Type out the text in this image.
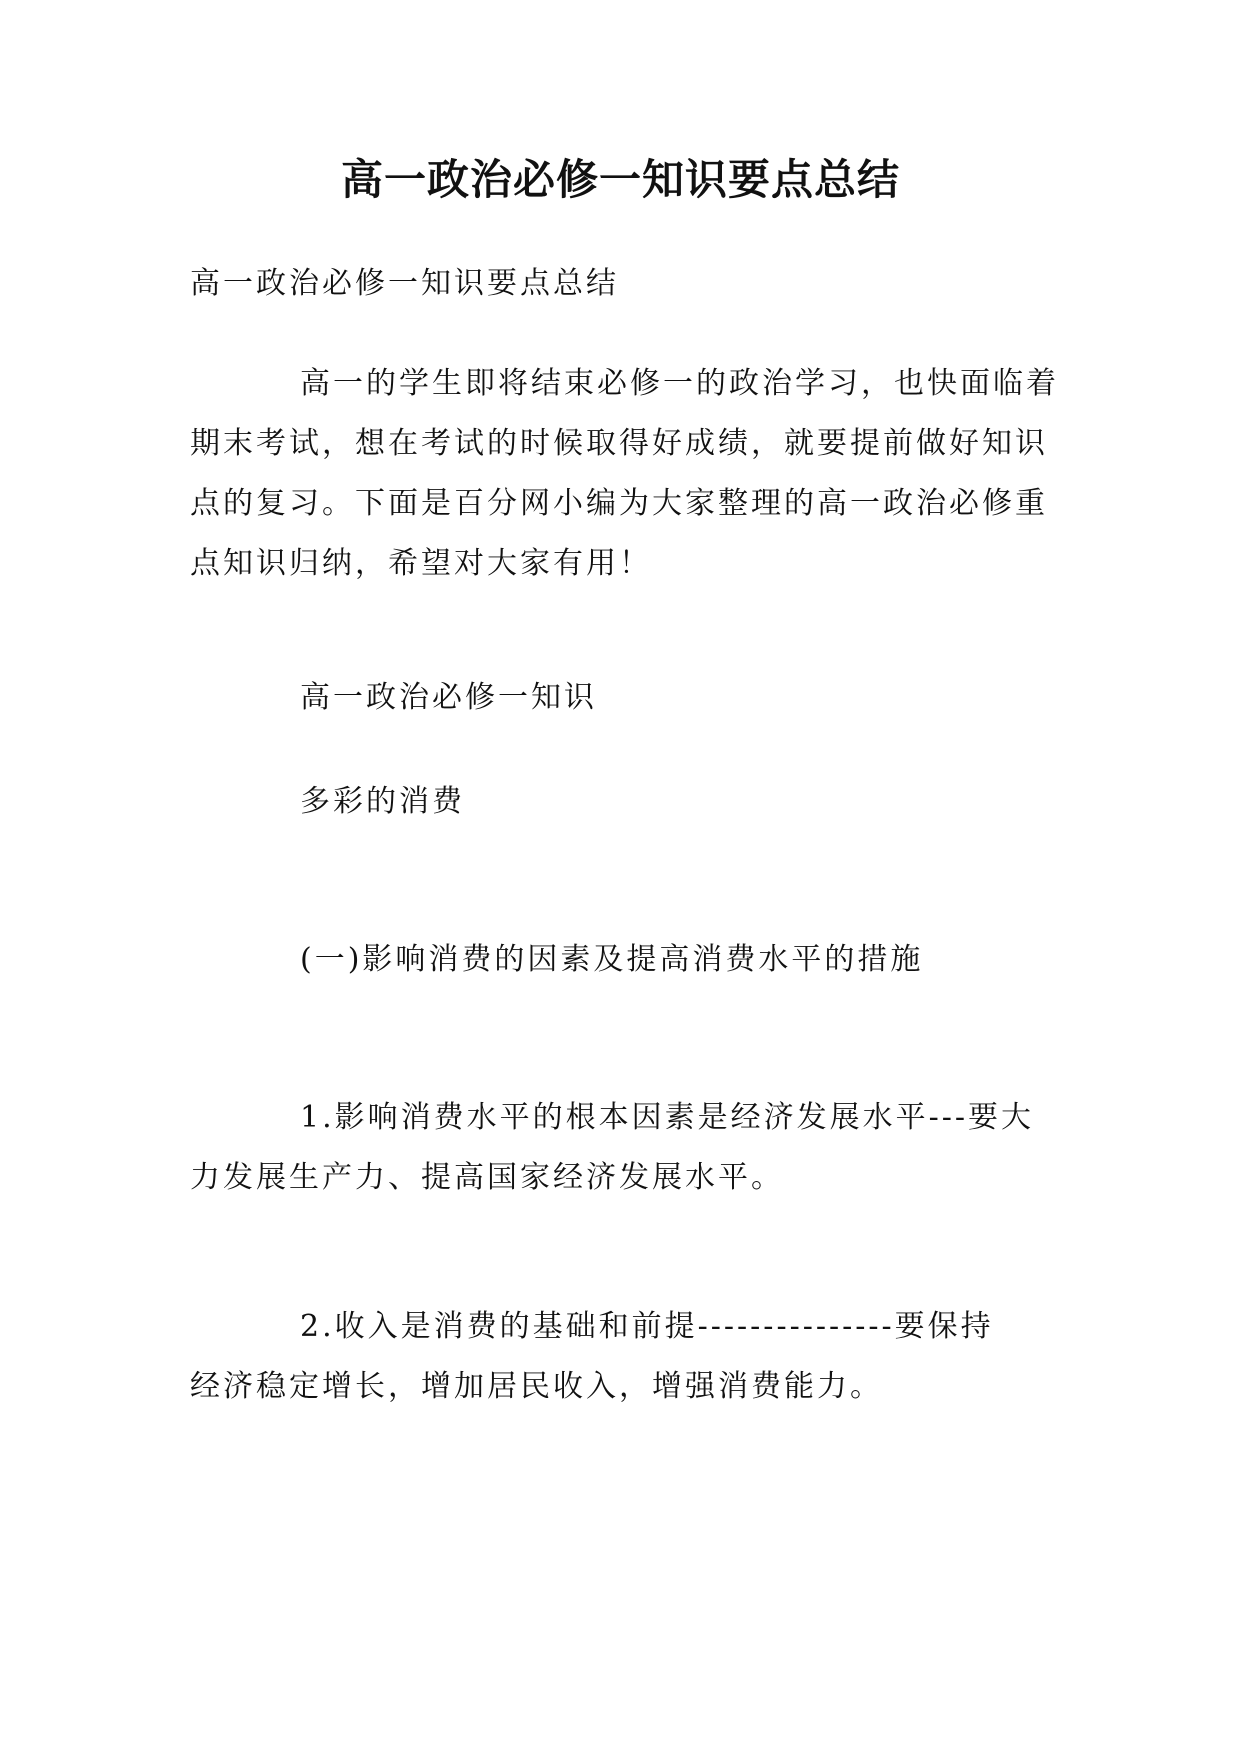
高一政治必修一知识要点总结

高一政治必修一知识要点总结

高一的学生即将结束必修一的政治学习，也快面临着
期末考试，想在考试的时候取得好成绩，就要提前做好知识
点的复习。下面是百分网小编为大家整理的高一政治必修重
点知识归纳，希望对大家有用！

高一政治必修一知识

多彩的消费

(一)影响消费的因素及提高消费水平的措施

1.影响消费水平的根本因素是经济发展水平---要大
力发展生产力、提高国家经济发展水平。
2.收入是消费的基础和前提---------------要保持
经济稳定增长，增加居民收入，增强消费能力。
